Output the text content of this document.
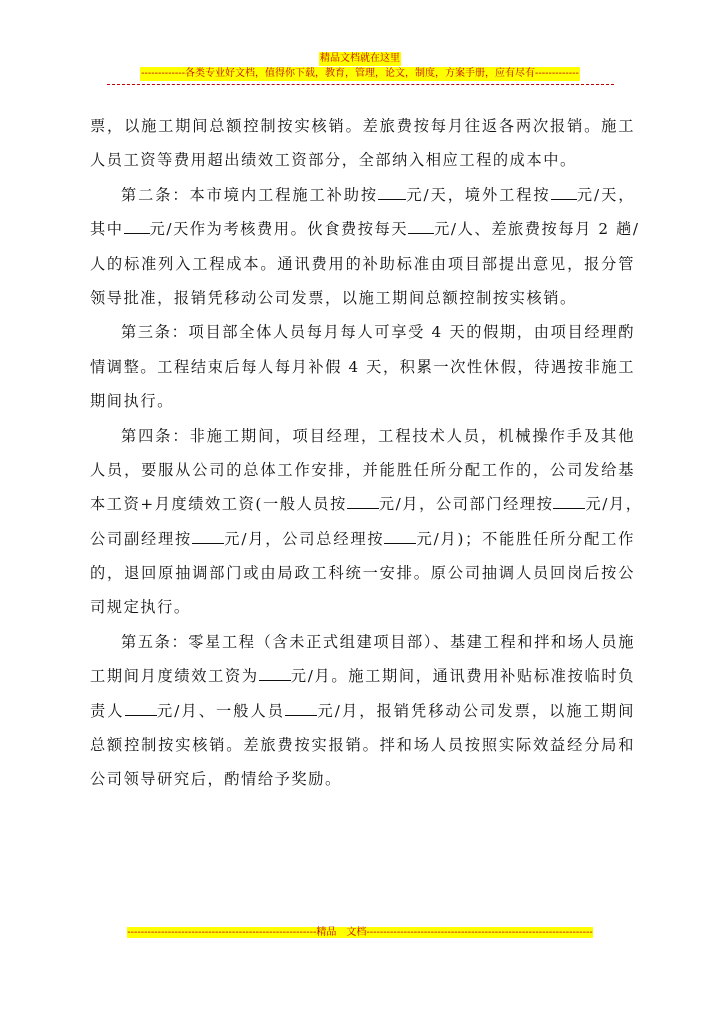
精品文档就在这里
-------------各类专业好文档，值得你下载，教育，管理，论文，制度，方案手册，应有尽有-------------
票，以施工期间总额控制按实核销。差旅费按每月往返各两次报销。施工
人员工资等费用超出绩效工资部分，全部纳入相应工程的成本中。
第二条：本市境内工程施工补助按 元/天，境外工程按 元/天，
其中 元/天作为考核费用。伙食费按每天 元/人、差旅费按每月 2 趟/
人的标准列入工程成本。通讯费用的补助标准由项目部提出意见，报分管
领导批准，报销凭移动公司发票，以施工期间总额控制按实核销。
第三条：项目部全体人员每月每人可享受 4 天的假期，由项目经理酌
情调整。工程结束后每人每月补假 4 天，积累一次性休假，待遇按非施工
期间执行。
第四条：非施工期间，项目经理，工程技术人员，机械操作手及其他
人员，要服从公司的总体工作安排，并能胜任所分配工作的，公司发给基
本工资+月度绩效工资(一般人员按 元/月，公司部门经理按 元/月，
公司副经理按 元/月，公司总经理按 元/月)；不能胜任所分配工作
的，退回原抽调部门或由局政工科统一安排。原公司抽调人员回岗后按公
司规定执行。
第五条：零星工程（含未正式组建项目部）、基建工程和拌和场人员施
工期间月度绩效工资为 元/月。施工期间，通讯费用补贴标准按临时负
责人 元/月、一般人员 元/月，报销凭移动公司发票，以施工期间
总额控制按实核销。差旅费按实报销。拌和场人员按照实际效益经分局和
公司领导研究后，酌情给予奖励。
--------------------------------------------------------精品　文档-------------------------------------------------------------------
